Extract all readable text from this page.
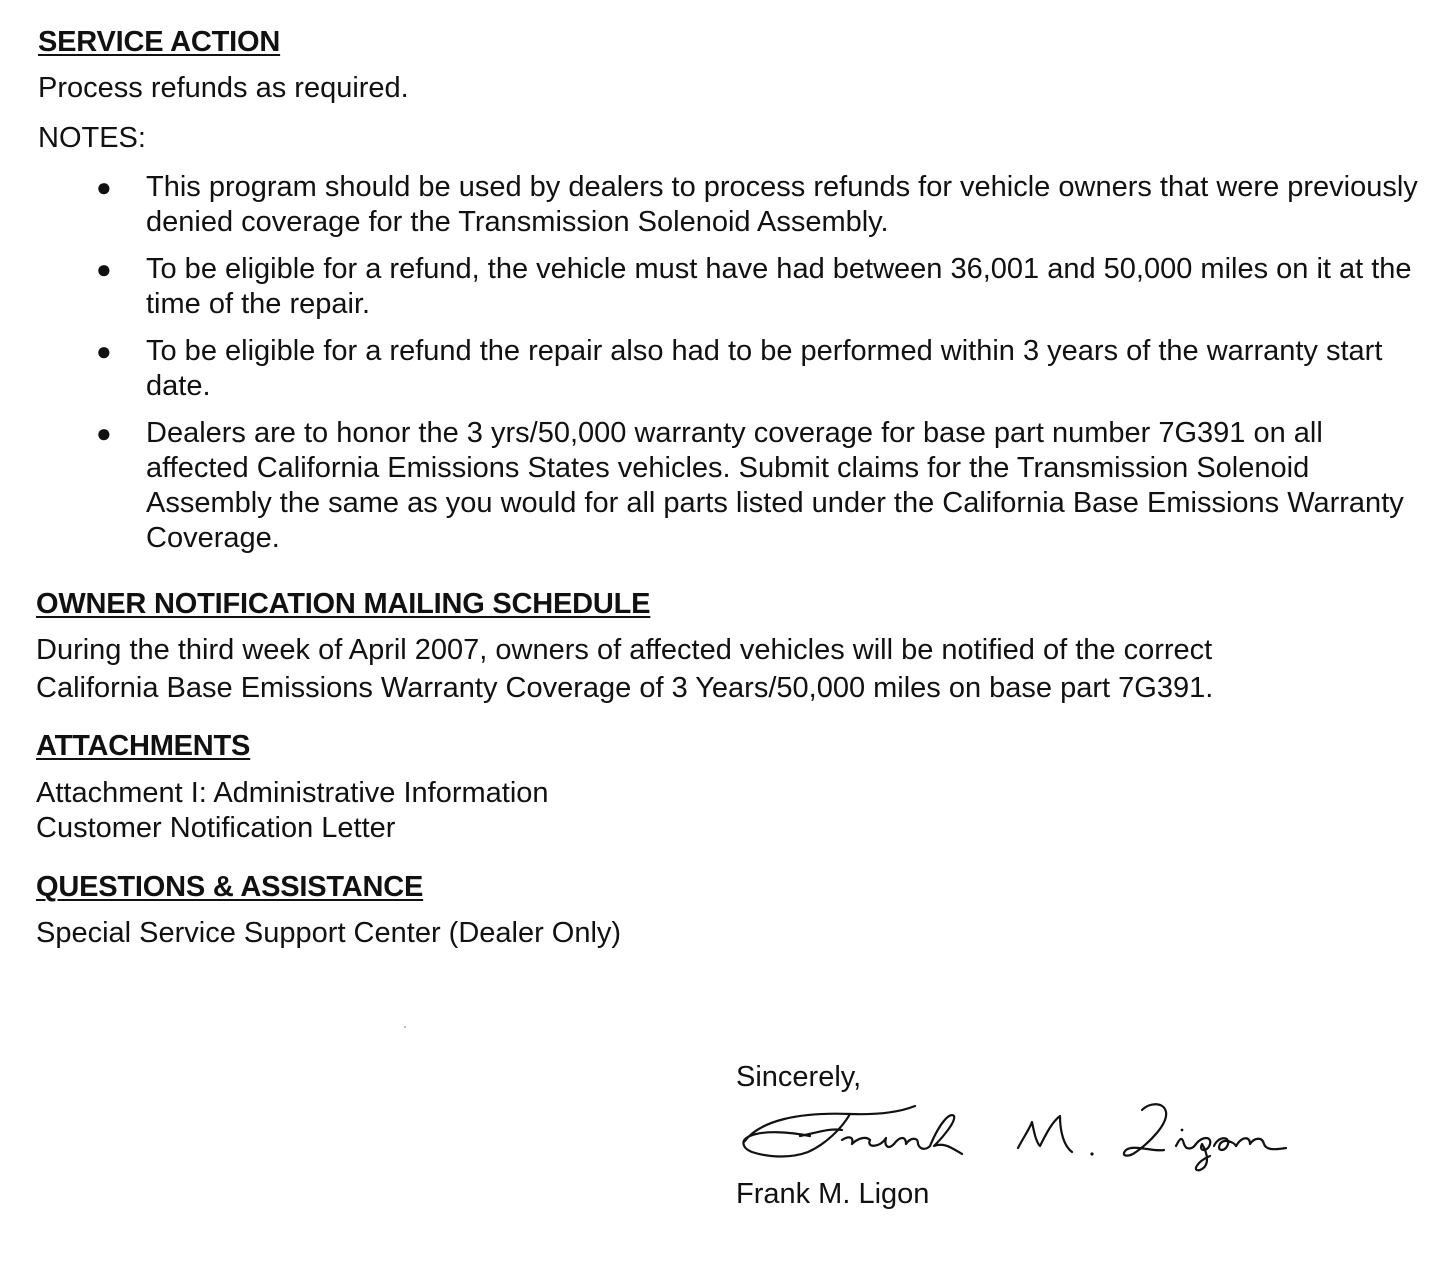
SERVICE ACTION

Process refunds as required.

NOTES:

● This program should be used by dealers to process refunds for vehicle owners that were previously denied coverage for the Transmission Solenoid Assembly.
● To be eligible for a refund, the vehicle must have had between 36,001 and 50,000 miles on it at the time of the repair.
● To be eligible for a refund the repair also had to be performed within 3 years of the warranty start date.
● Dealers are to honor the 3 yrs/50,000 warranty coverage for base part number 7G391 on all affected California Emissions States vehicles. Submit claims for the Transmission Solenoid Assembly the same as you would for all parts listed under the California Base Emissions Warranty Coverage.
OWNER NOTIFICATION MAILING SCHEDULE

During the third week of April 2007, owners of affected vehicles will be notified of the correct

California Base Emissions Warranty Coverage of 3 Years/50,000 miles on base part 7G391.

ATTACHMENTS

Attachment I: Administrative Information

Customer Notification Letter

QUESTIONS & ASSISTANCE

Special Service Support Center (Dealer Only)

Sincerely,

Frank M. Ligon
